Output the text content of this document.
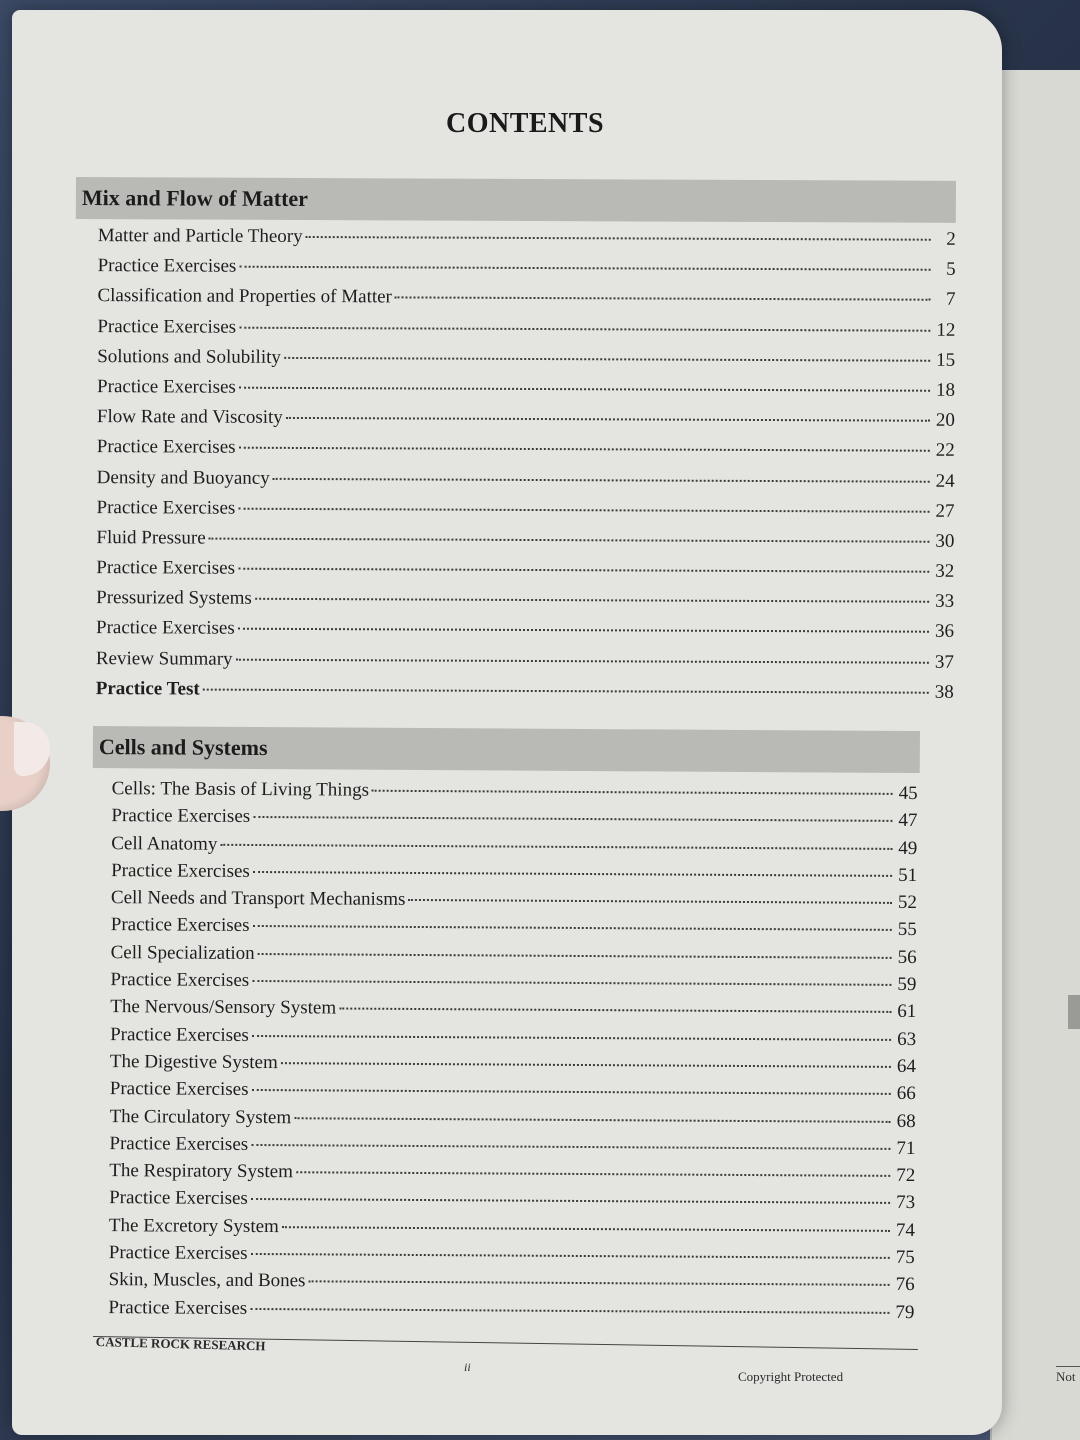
Not
CONTENTS
Mix and Flow of Matter
Matter and Particle Theory	2
Practice Exercises	5
Classification and Properties of Matter	7
Practice Exercises	12
Solutions and Solubility	15
Practice Exercises	18
Flow Rate and Viscosity	20
Practice Exercises	22
Density and Buoyancy	24
Practice Exercises	27
Fluid Pressure	30
Practice Exercises	32
Pressurized Systems	33
Practice Exercises	36
Review Summary	37
Practice Test	38
Cells and Systems
Cells: The Basis of Living Things	45
Practice Exercises	47
Cell Anatomy	49
Practice Exercises	51
Cell Needs and Transport Mechanisms	52
Practice Exercises	55
Cell Specialization	56
Practice Exercises	59
The Nervous/Sensory System	61
Practice Exercises	63
The Digestive System	64
Practice Exercises	66
The Circulatory System	68
Practice Exercises	71
The Respiratory System	72
Practice Exercises	73
The Excretory System	74
Practice Exercises	75
Skin, Muscles, and Bones	76
Practice Exercises	79
CASTLE ROCK RESEARCH
ii
Copyright Protected
